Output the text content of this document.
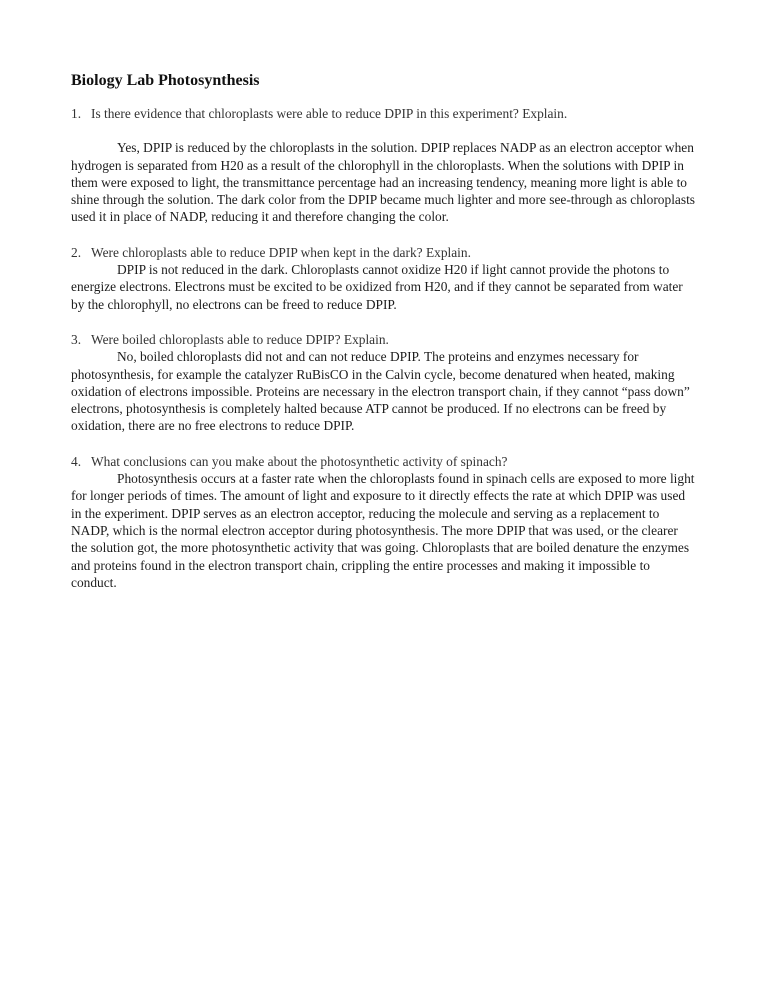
Biology Lab Photosynthesis

1. Is there evidence that chloroplasts were able to reduce DPIP in this experiment? Explain.

Yes, DPIP is reduced by the chloroplasts in the solution. DPIP replaces NADP as an electron acceptor when hydrogen is separated from H20 as a result of the chlorophyll in the chloroplasts. When the solutions with DPIP in them were exposed to light, the transmittance percentage had an increasing tendency, meaning more light is able to shine through the solution. The dark color from the DPIP became much lighter and more see-through as chloroplasts used it in place of NADP, reducing it and therefore changing the color.

2. Were chloroplasts able to reduce DPIP when kept in the dark? Explain.

DPIP is not reduced in the dark. Chloroplasts cannot oxidize H20 if light cannot provide the photons to energize electrons. Electrons must be excited to be oxidized from H20, and if they cannot be separated from water by the chlorophyll, no electrons can be freed to reduce DPIP.

3. Were boiled chloroplasts able to reduce DPIP? Explain.

No, boiled chloroplasts did not and can not reduce DPIP. The proteins and enzymes necessary for photosynthesis, for example the catalyzer RuBisCO in the Calvin cycle, become denatured when heated, making oxidation of electrons impossible. Proteins are necessary in the electron transport chain, if they cannot “pass down” electrons, photosynthesis is completely halted because ATP cannot be produced. If no electrons can be freed by oxidation, there are no free electrons to reduce DPIP.

4. What conclusions can you make about the photosynthetic activity of spinach?

Photosynthesis occurs at a faster rate when the chloroplasts found in spinach cells are exposed to more light for longer periods of times. The amount of light and exposure to it directly effects the rate at which DPIP was used in the experiment. DPIP serves as an electron acceptor, reducing the molecule and serving as a replacement to NADP, which is the normal electron acceptor during photosynthesis. The more DPIP that was used, or the clearer the solution got, the more photosynthetic activity that was going. Chloroplasts that are boiled denature the enzymes and proteins found in the electron transport chain, crippling the entire processes and making it impossible to conduct.
